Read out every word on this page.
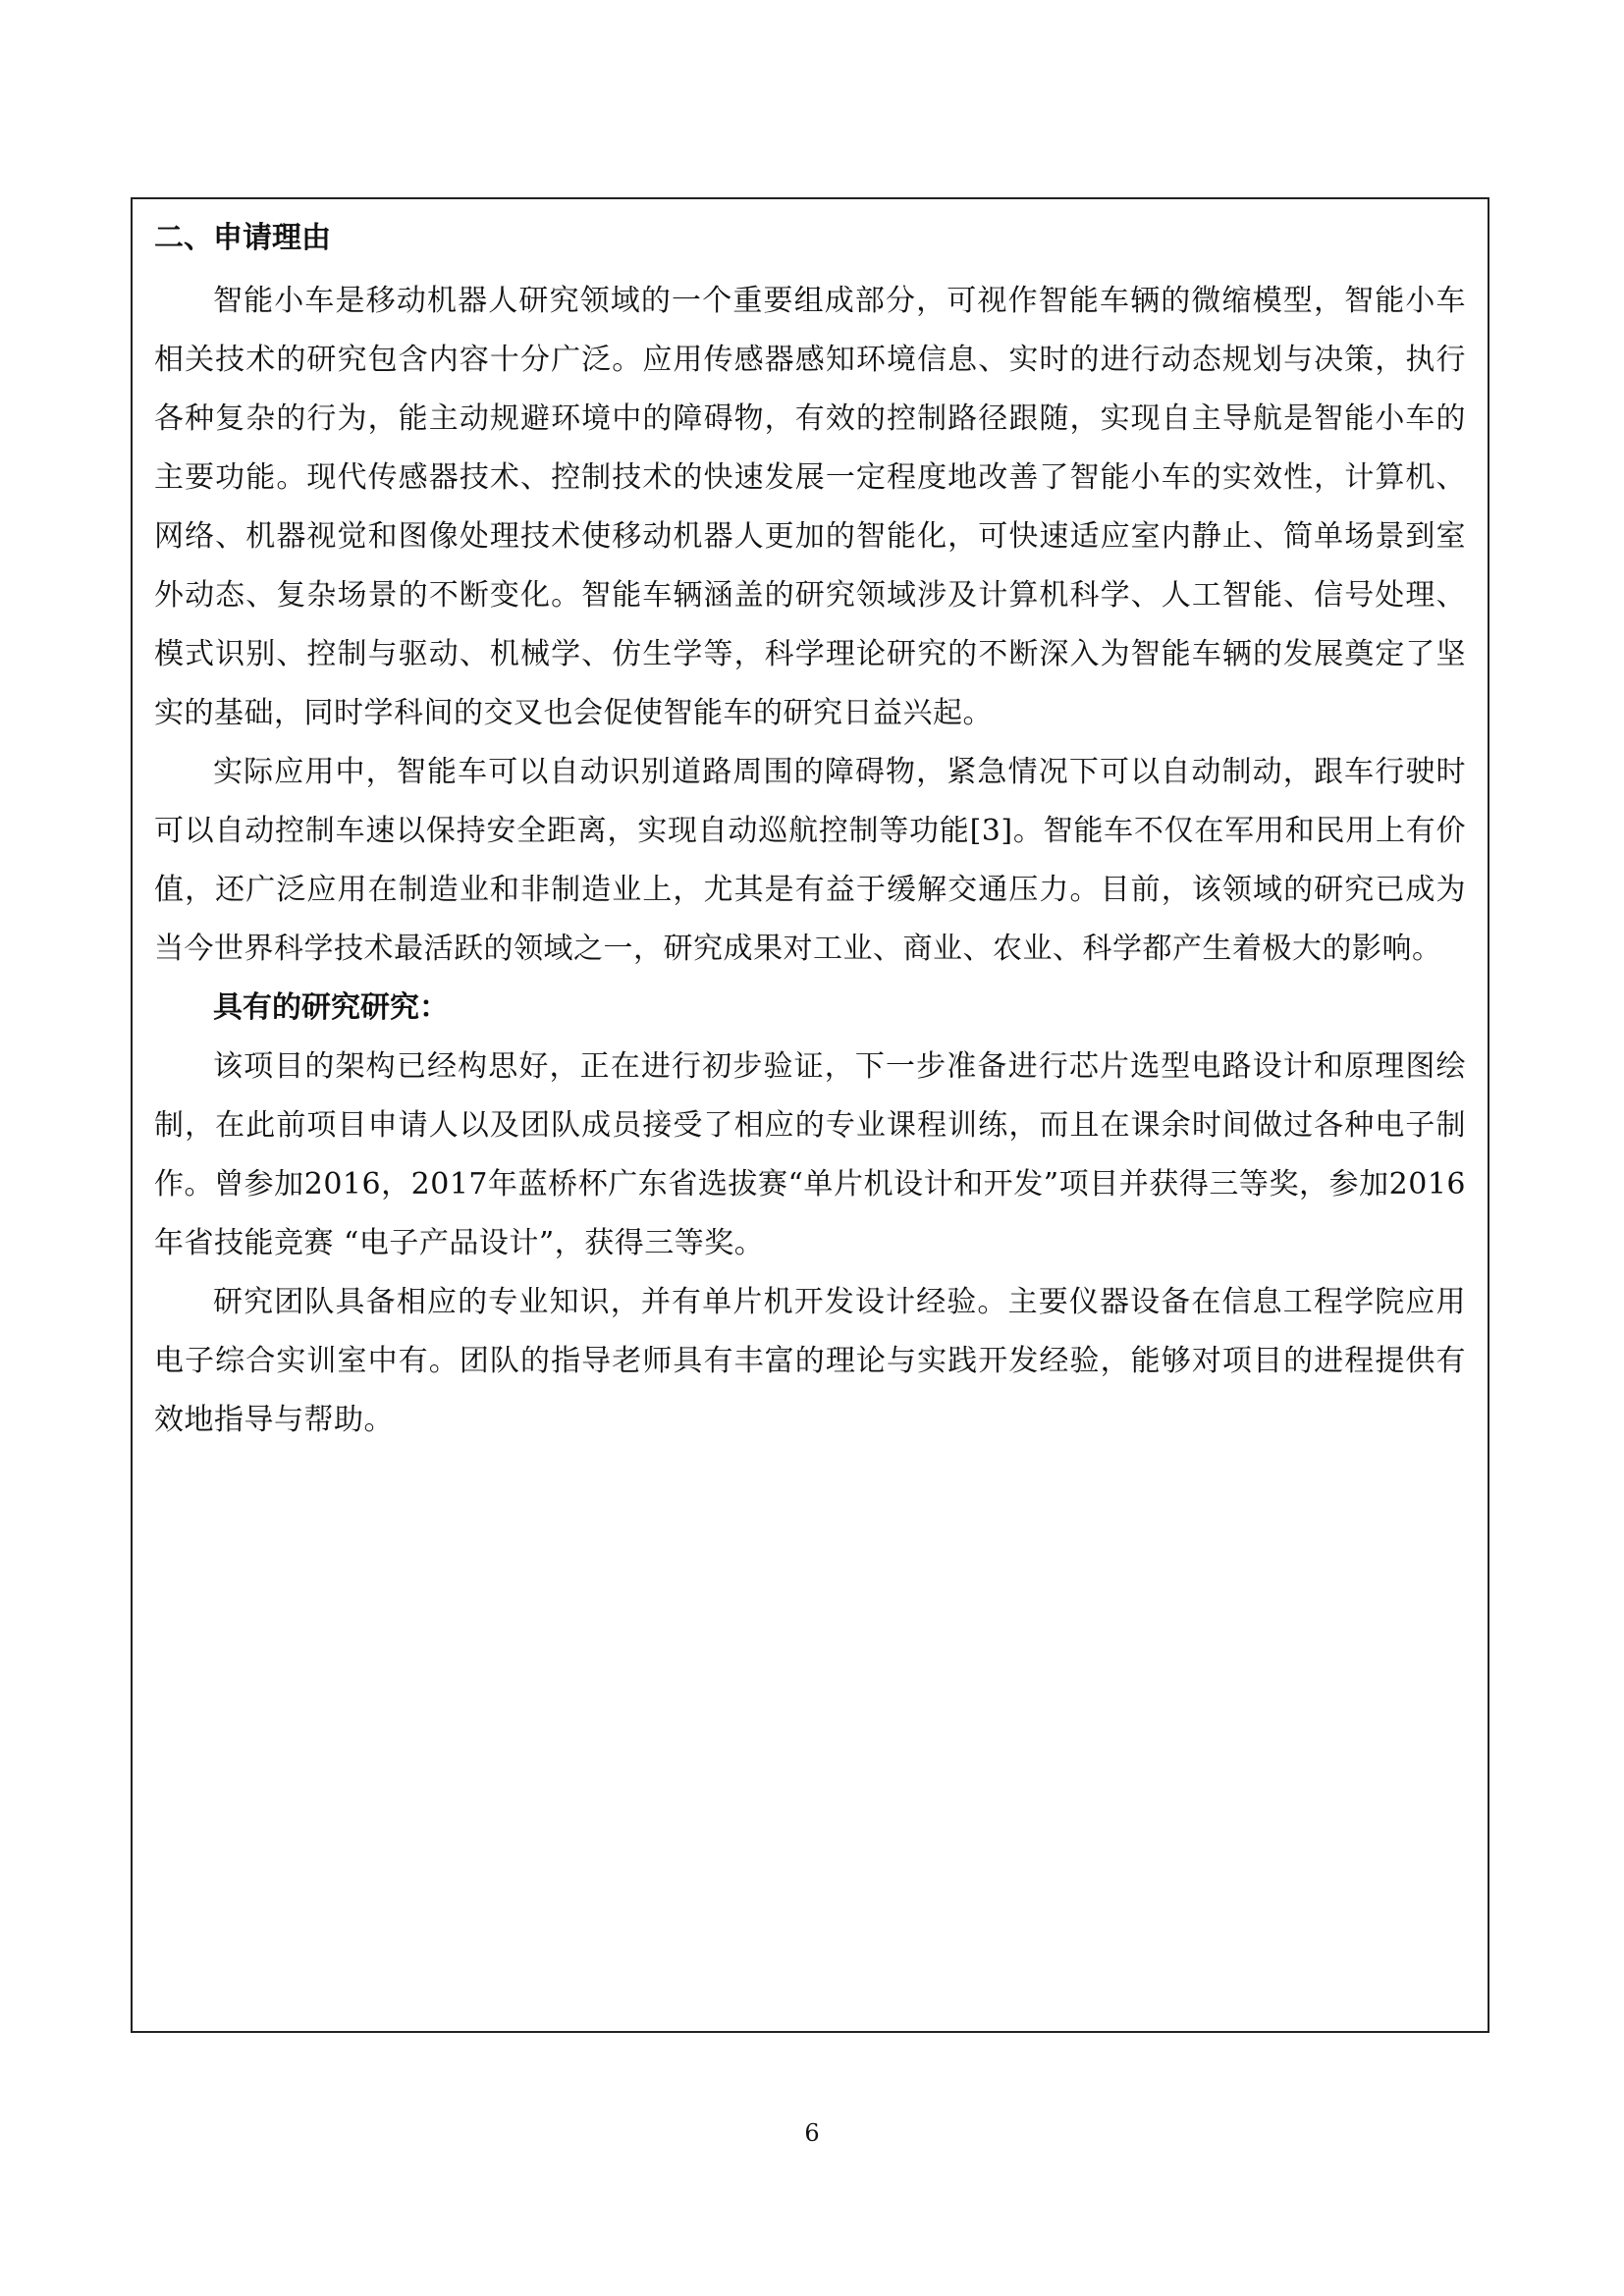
二、申请理由

智能小车是移动机器人研究领域的一个重要组成部分，可视作智能车辆的微缩模型，智能小车相关技术的研究包含内容十分广泛。应用传感器感知环境信息、实时的进行动态规划与决策，执行各种复杂的行为，能主动规避环境中的障碍物，有效的控制路径跟随，实现自主导航是智能小车的主要功能。现代传感器技术、控制技术的快速发展一定程度地改善了智能小车的实效性，计算机、网络、机器视觉和图像处理技术使移动机器人更加的智能化，可快速适应室内静止、简单场景到室外动态、复杂场景的不断变化。智能车辆涵盖的研究领域涉及计算机科学、人工智能、信号处理、模式识别、控制与驱动、机械学、仿生学等，科学理论研究的不断深入为智能车辆的发展奠定了坚实的基础，同时学科间的交叉也会促使智能车的研究日益兴起。

实际应用中，智能车可以自动识别道路周围的障碍物，紧急情况下可以自动制动，跟车行驶时可以自动控制车速以保持安全距离，实现自动巡航控制等功能[3]。智能车不仅在军用和民用上有价值，还广泛应用在制造业和非制造业上，尤其是有益于缓解交通压力。目前，该领域的研究已成为当今世界科学技术最活跃的领域之一，研究成果对工业、商业、农业、科学都产生着极大的影响。

具有的研究研究：

该项目的架构已经构思好，正在进行初步验证，下一步准备进行芯片选型电路设计和原理图绘制，在此前项目申请人以及团队成员接受了相应的专业课程训练，而且在课余时间做过各种电子制作。曾参加2016，2017年蓝桥杯广东省选拔赛“单片机设计和开发”项目并获得三等奖，参加2016年省技能竞赛 “电子产品设计”，获得三等奖。

研究团队具备相应的专业知识，并有单片机开发设计经验。主要仪器设备在信息工程学院应用电子综合实训室中有。团队的指导老师具有丰富的理论与实践开发经验，能够对项目的进程提供有效地指导与帮助。

6
